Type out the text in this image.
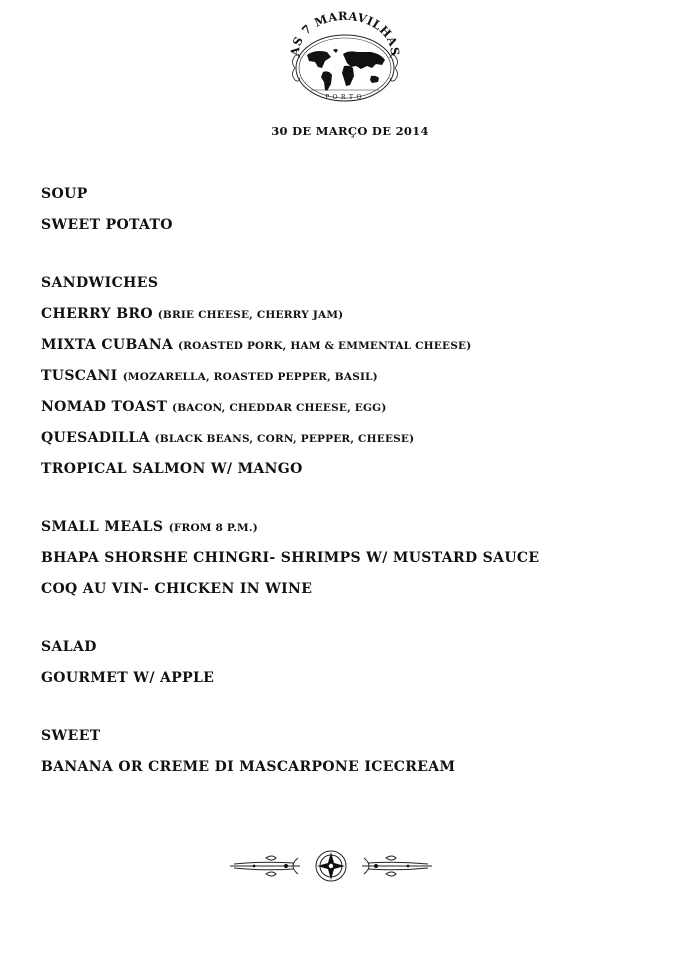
AS 7 MARAVILHAS
PORTO
30 DE MARÇO DE 2014
SOUP
SWEET POTATO
SANDWICHES
CHERRY BRO (BRIE CHEESE, CHERRY JAM)
MIXTA CUBANA (ROASTED PORK, HAM & EMMENTAL CHEESE)
TUSCANI (MOZARELLA, ROASTED PEPPER, BASIL)
NOMAD TOAST (BACON, CHEDDAR CHEESE, EGG)
QUESADILLA (BLACK BEANS, CORN, PEPPER, CHEESE)
TROPICAL SALMON W/ MANGO
SMALL MEALS (FROM 8 P.M.)
BHAPA SHORSHE CHINGRI- SHRIMPS W/ MUSTARD SAUCE
COQ AU VIN- CHICKEN IN WINE
SALAD
GOURMET W/ APPLE
SWEET
BANANA OR CREME DI MASCARPONE ICECREAM
